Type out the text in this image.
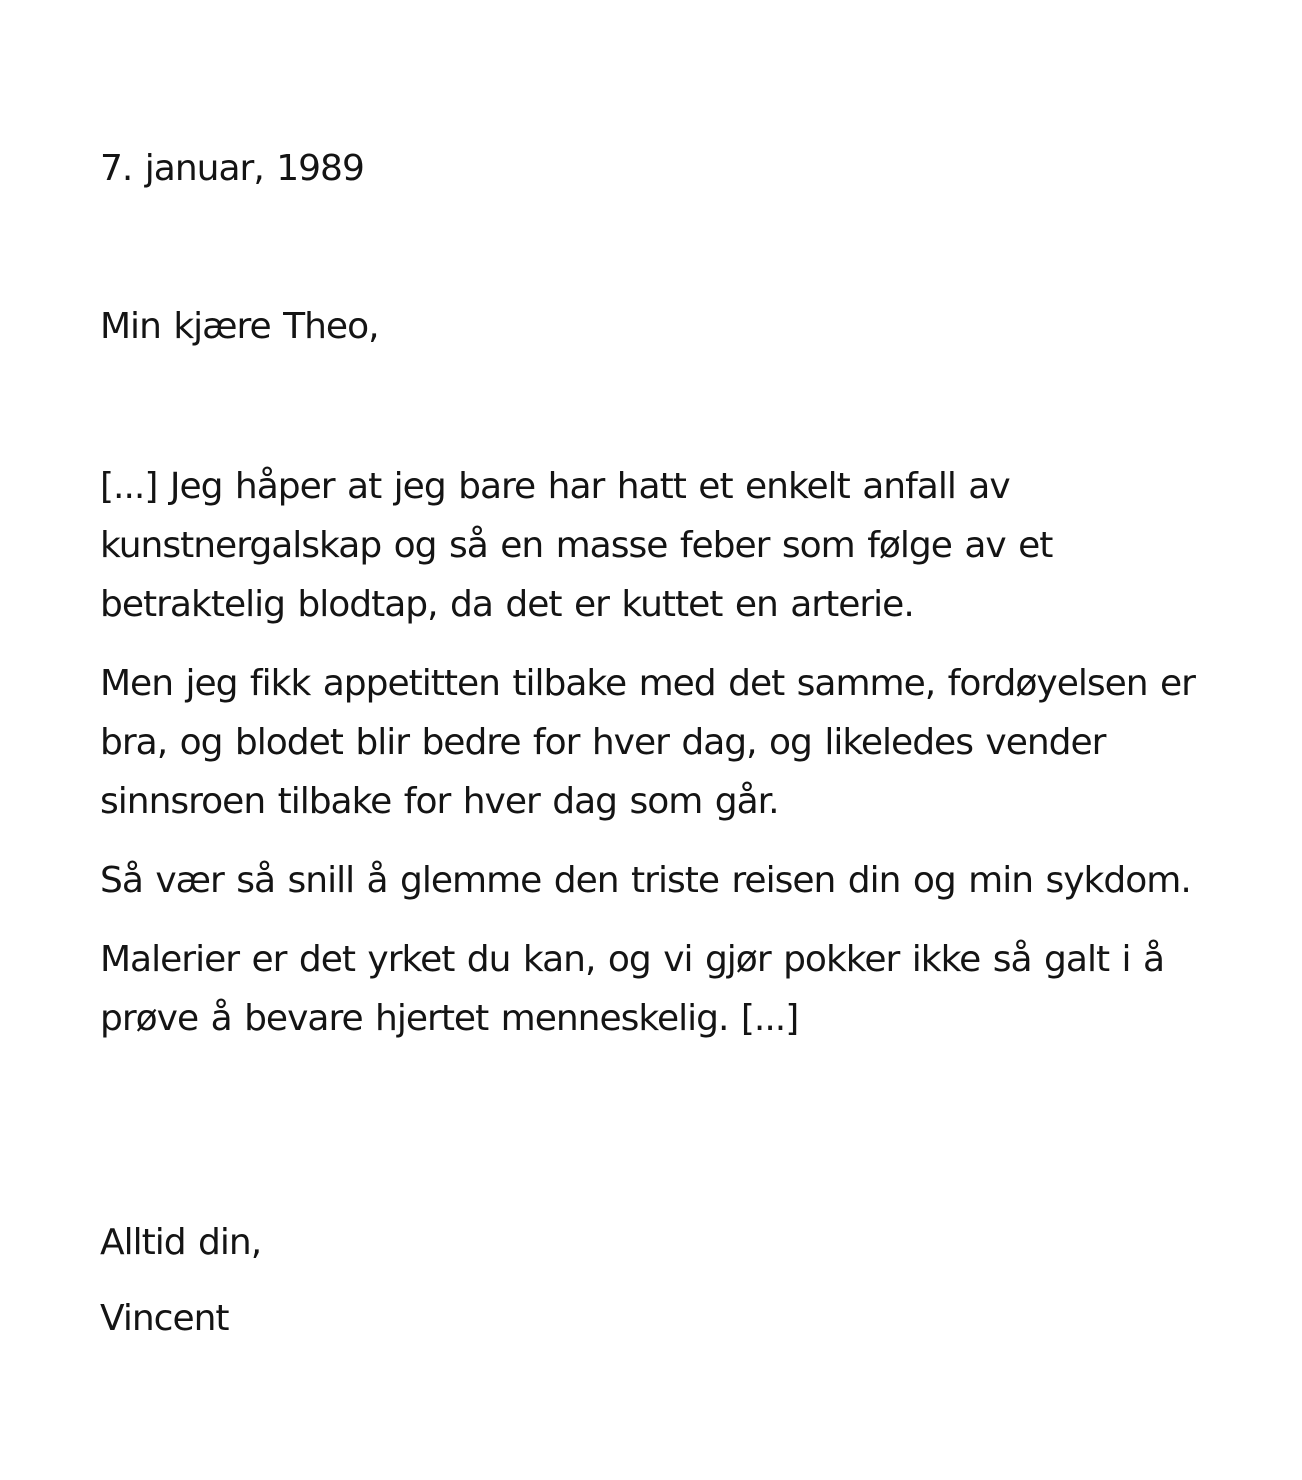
7. januar, 1989
Min kjære Theo,

[...] Jeg håper at jeg bare har hatt et enkelt anfall av kunstnergalskap og så en masse feber som følge av et betraktelig blodtap, da det er kuttet en arterie.

Men jeg fikk appetitten tilbake med det samme, fordøyelsen er bra, og blodet blir bedre for hver dag, og likeledes vender sinnsroen tilbake for hver dag som går.

Så vær så snill å glemme den triste reisen din og min sykdom.

Malerier er det yrket du kan, og vi gjør pokker ikke så galt i å prøve å bevare hjertet menneskelig. [...]

Alltid din,
Vincent
